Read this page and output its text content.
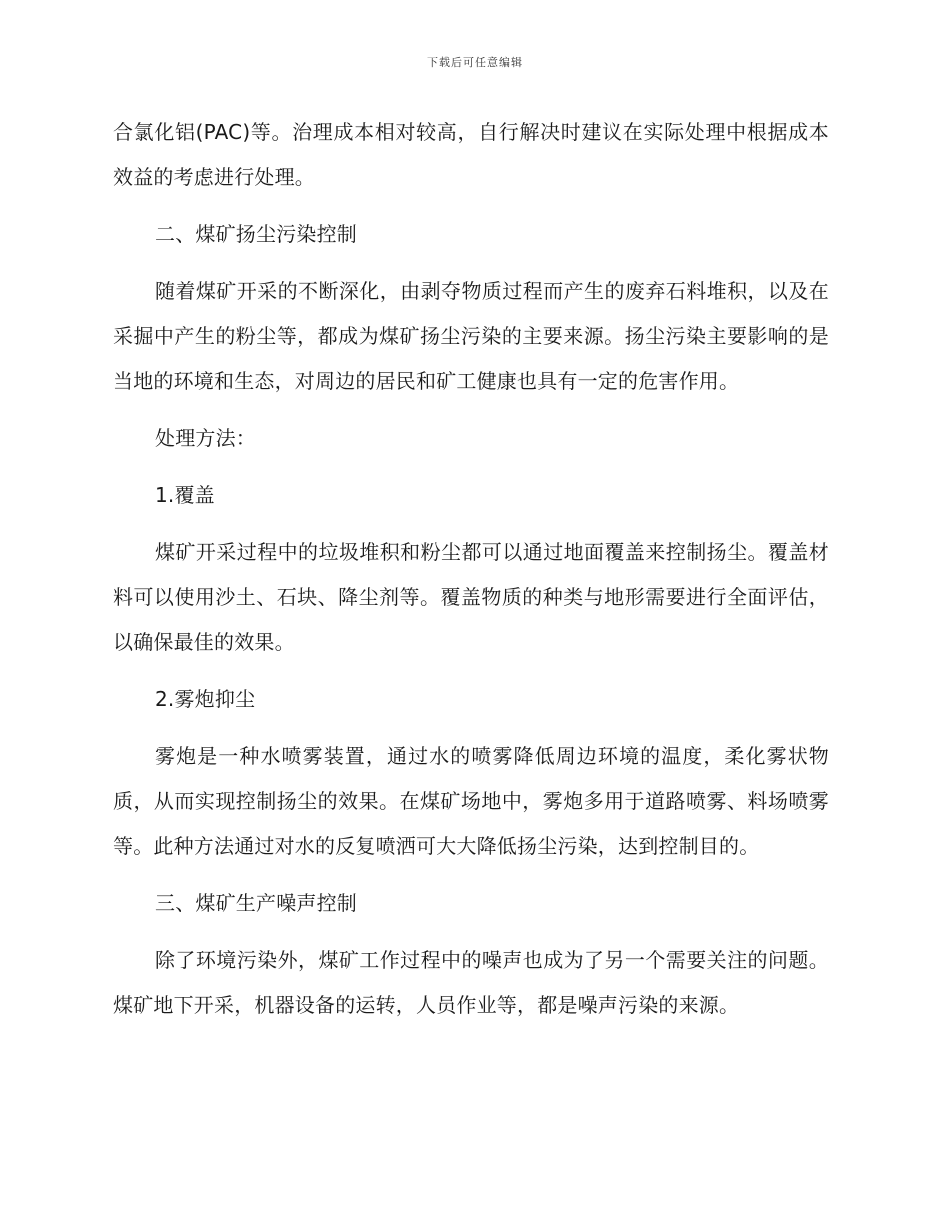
下载后可任意编辑

合氯化铝(PAC)等。治理成本相对较高，自行解决时建议在实际处理中根据成本效益的考虑进行处理。

二、煤矿扬尘污染控制

随着煤矿开采的不断深化，由剥夺物质过程而产生的废弃石料堆积，以及在采掘中产生的粉尘等，都成为煤矿扬尘污染的主要来源。扬尘污染主要影响的是当地的环境和生态，对周边的居民和矿工健康也具有一定的危害作用。

处理方法：

1.覆盖

煤矿开采过程中的垃圾堆积和粉尘都可以通过地面覆盖来控制扬尘。覆盖材料可以使用沙土、石块、降尘剂等。覆盖物质的种类与地形需要进行全面评估，以确保最佳的效果。

2.雾炮抑尘

雾炮是一种水喷雾装置，通过水的喷雾降低周边环境的温度，柔化雾状物质，从而实现控制扬尘的效果。在煤矿场地中，雾炮多用于道路喷雾、料场喷雾等。此种方法通过对水的反复喷洒可大大降低扬尘污染，达到控制目的。

三、煤矿生产噪声控制

除了环境污染外，煤矿工作过程中的噪声也成为了另一个需要关注的问题。煤矿地下开采，机器设备的运转，人员作业等，都是噪声污染的来源。
